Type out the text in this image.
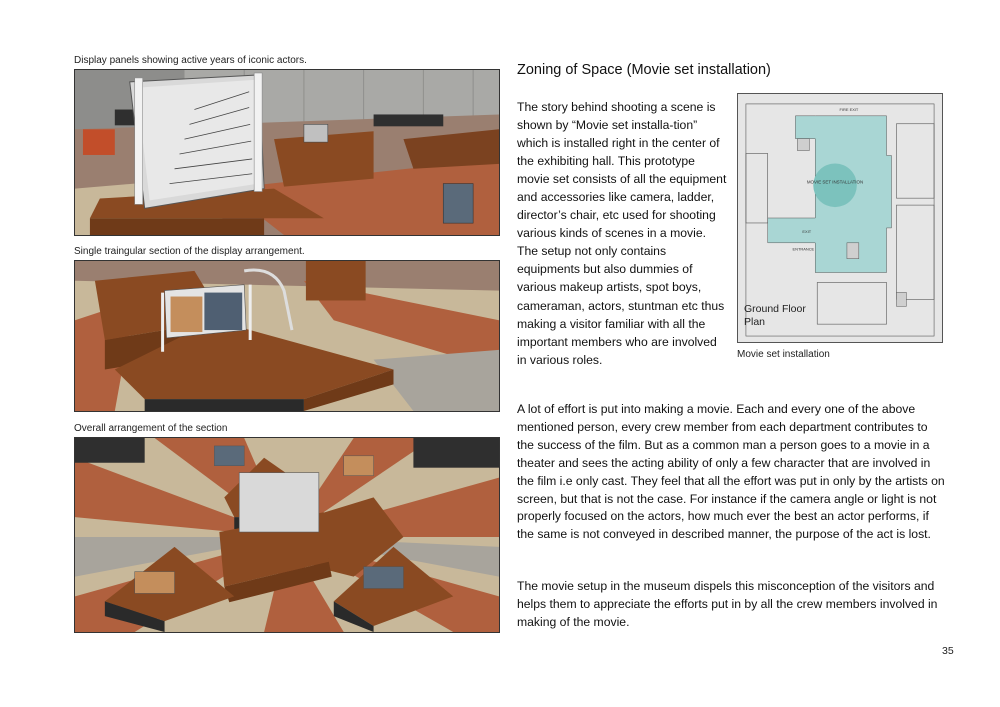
Display panels showing active years of iconic actors.
Single traingular section of the display arrangement.
Overall arrangement of the section
Zoning of Space (Movie set installation)
The story behind shooting a scene is shown by “Movie set installa-tion” which is installed right in the center of the exhibiting hall. This prototype movie set consists of all the equipment and accessories like camera, ladder, director’s chair, etc used for shooting various kinds of scenes in a movie. The setup not only contains equipments but also dummies of various makeup artists, spot boys, cameraman, actors, stuntman etc thus making a visitor familiar with all the important members who are involved in various roles.
MOVIE SET INSTALLATION
FIRE EXIT
EXIT
ENTRANCE
Ground Floor Plan
Movie set installation
A lot of effort is put into making a movie. Each and every one of the above mentioned person, every crew member from each department contributes to the success of the film. But as a common man a person goes to a movie in a theater and sees the acting ability of only a few character that are involved in the film i.e only cast. They feel that all the effort was put in only by the artists on screen, but that is not the case. For instance if the camera angle or light is not properly focused on the actors, how much ever the best an actor performs, if the same is not conveyed in described manner, the purpose of the act is lost.
The movie setup in the museum dispels this misconception of the visitors and helps them to appreciate the efforts put in by all the crew members involved in making of the movie.
35
